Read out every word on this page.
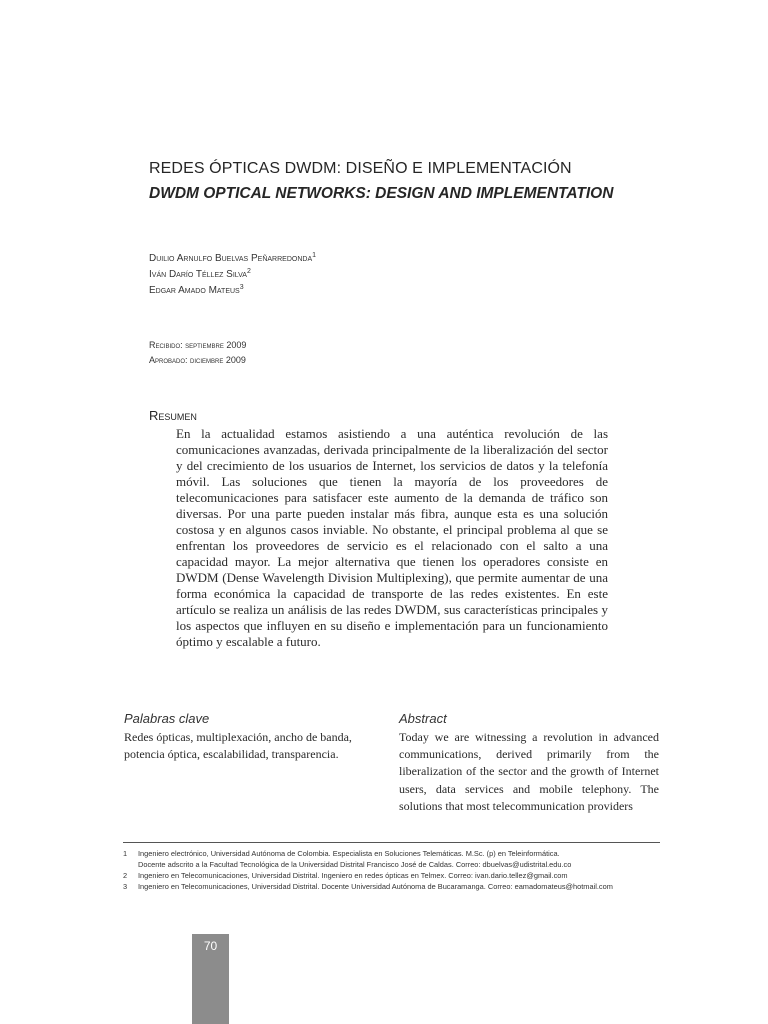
REDES ÓPTICAS DWDM: DISEÑO E IMPLEMENTACIÓN
DWDM OPTICAL NETWORKS: DESIGN AND IMPLEMENTATION
Duilio Arnulfo Buelvas Peñarredonda$^1$
Iván Darío Téllez Silva$^2$
Edgar Amado Mateus$^3$
Recibido: septiembre 2009
Aprobado: diciembre 2009
Resumen
En la actualidad estamos asistiendo a una auténtica revolución de las comunicaciones avanzadas, derivada principalmente de la liberalización del sector y del crecimiento de los usuarios de Internet, los servicios de datos y la telefonía móvil. Las soluciones que tienen la mayoría de los proveedores de telecomunicaciones para satisfacer este aumento de la demanda de tráfico son diversas. Por una parte pueden instalar más fibra, aunque esta es una solución costosa y en algunos casos inviable. No obstante, el principal problema al que se enfrentan los proveedores de servicio es el relacionado con el salto a una capacidad mayor. La mejor alternativa que tienen los operadores consiste en DWDM (Dense Wavelength Division Multiplexing), que permite aumentar de una forma económica la capacidad de transporte de las redes existentes. En este artículo se realiza un análisis de las redes DWDM, sus características principales y los aspectos que influyen en su diseño e implementación para un funcionamiento óptimo y escalable a futuro.
Palabras clave
Redes ópticas, multiplexación, ancho de banda, potencia óptica, escalabilidad, transparencia.
Abstract
Today we are witnessing a revolution in advanced communications, derived primarily from the liberalization of the sector and the growth of Internet users, data services and mobile telephony. The solutions that most telecommunication providers
1	Ingeniero electrónico, Universidad Autónoma de Colombia. Especialista en Soluciones Telemáticas. M.Sc. (p) en Teleinformática.
Docente adscrito a la Facultad Tecnológica de la Universidad Distrital Francisco José de Caldas. Correo: dbuelvas@udistrital.edu.co
2	Ingeniero en Telecomunicaciones, Universidad Distrital. Ingeniero en redes ópticas en Telmex. Correo: ivan.dario.tellez@gmail.com
3	Ingeniero en Telecomunicaciones, Universidad Distrital. Docente Universidad Autónoma de Bucaramanga. Correo: eamadomateus@hotmail.com
70
